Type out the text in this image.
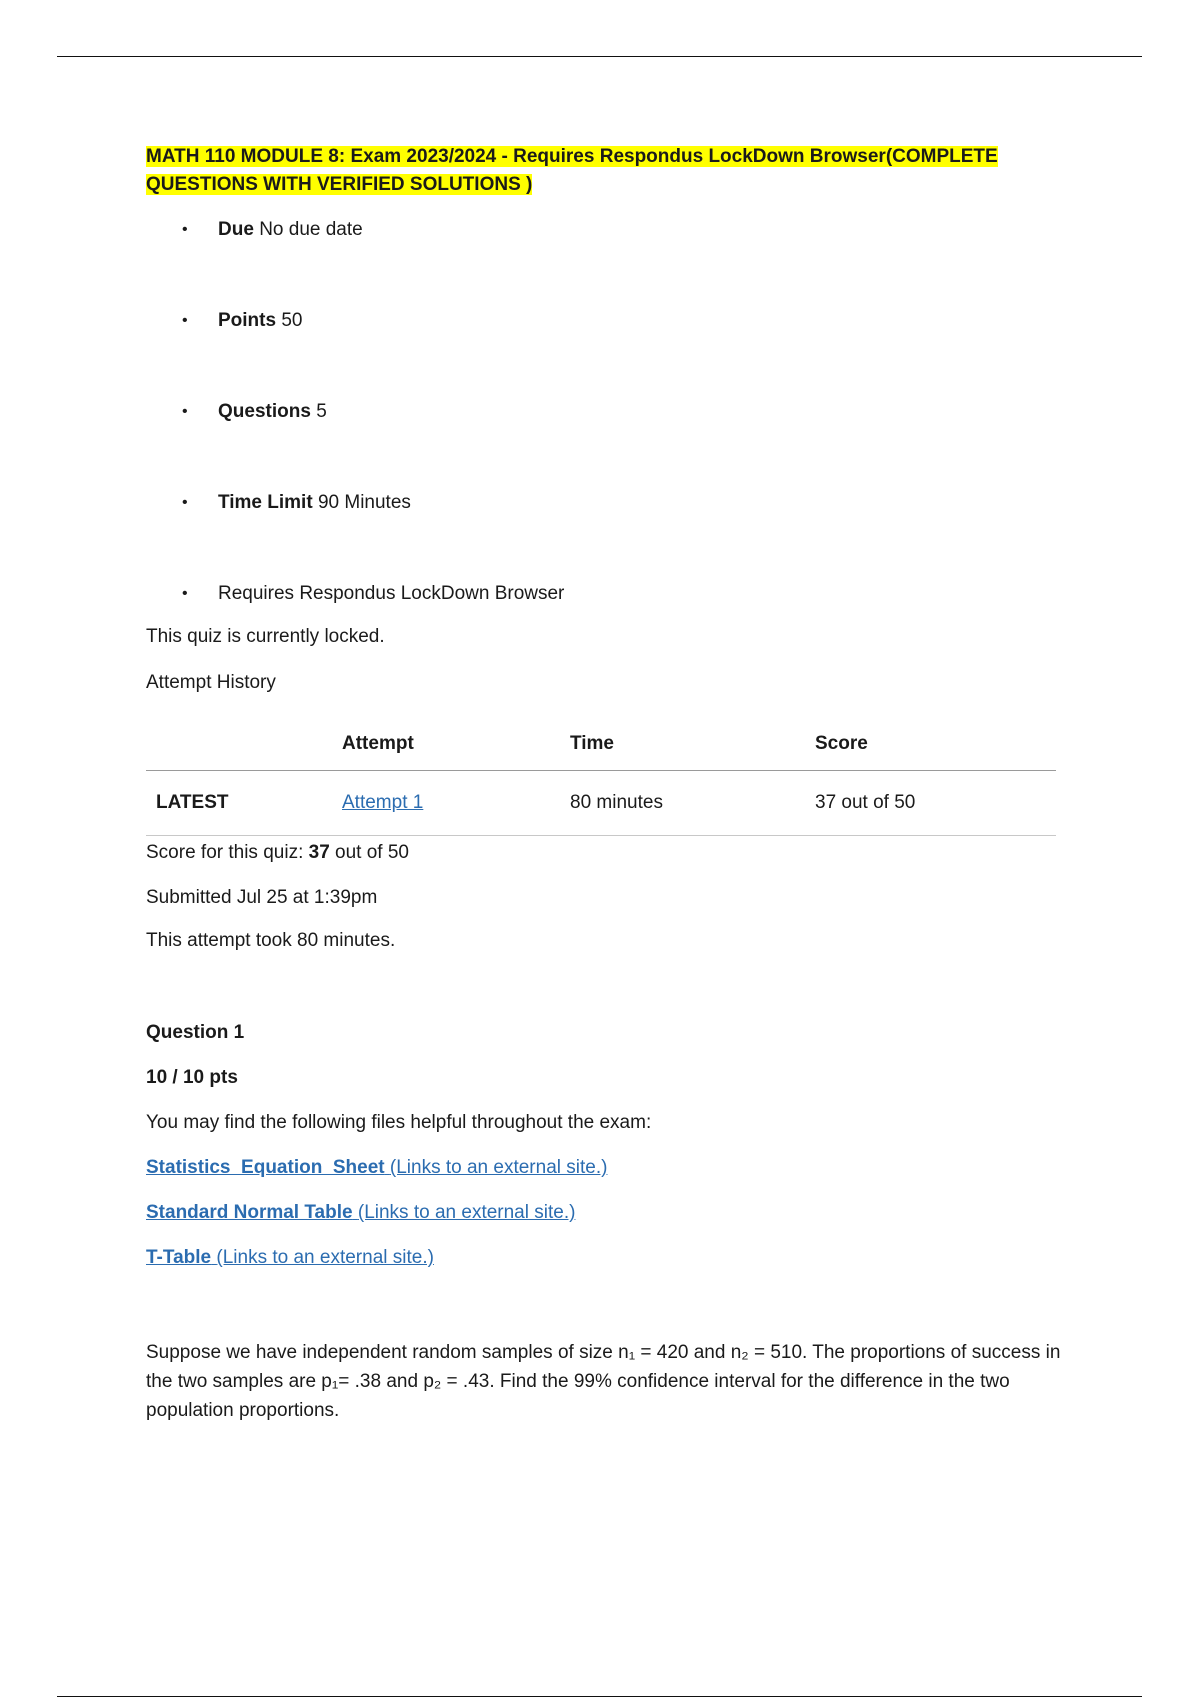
MATH 110 MODULE 8: Exam 2023/2024 - Requires Respondus LockDown Browser(COMPLETE QUESTIONS WITH VERIFIED SOLUTIONS )
• Due No due date
• Points 50
• Questions 5
• Time Limit 90 Minutes
• Requires Respondus LockDown Browser

This quiz is currently locked.

Attempt History

	Attempt	Time	Score
LATEST	Attempt 1	80 minutes	37 out of 50

Score for this quiz: 37 out of 50

Submitted Jul 25 at 1:39pm

This attempt took 80 minutes.

Question 1

10 / 10 pts

You may find the following files helpful throughout the exam:

Statistics  Equation  Sheet (Links to an external site.)

Standard Normal Table (Links to an external site.)

T-Table (Links to an external site.)

Suppose we have independent random samples of size n₁ = 420 and n₂ = 510. The proportions of success in the two samples are p₁= .38 and p₂ = .43. Find the 99% confidence interval for the difference in the two population proportions.
